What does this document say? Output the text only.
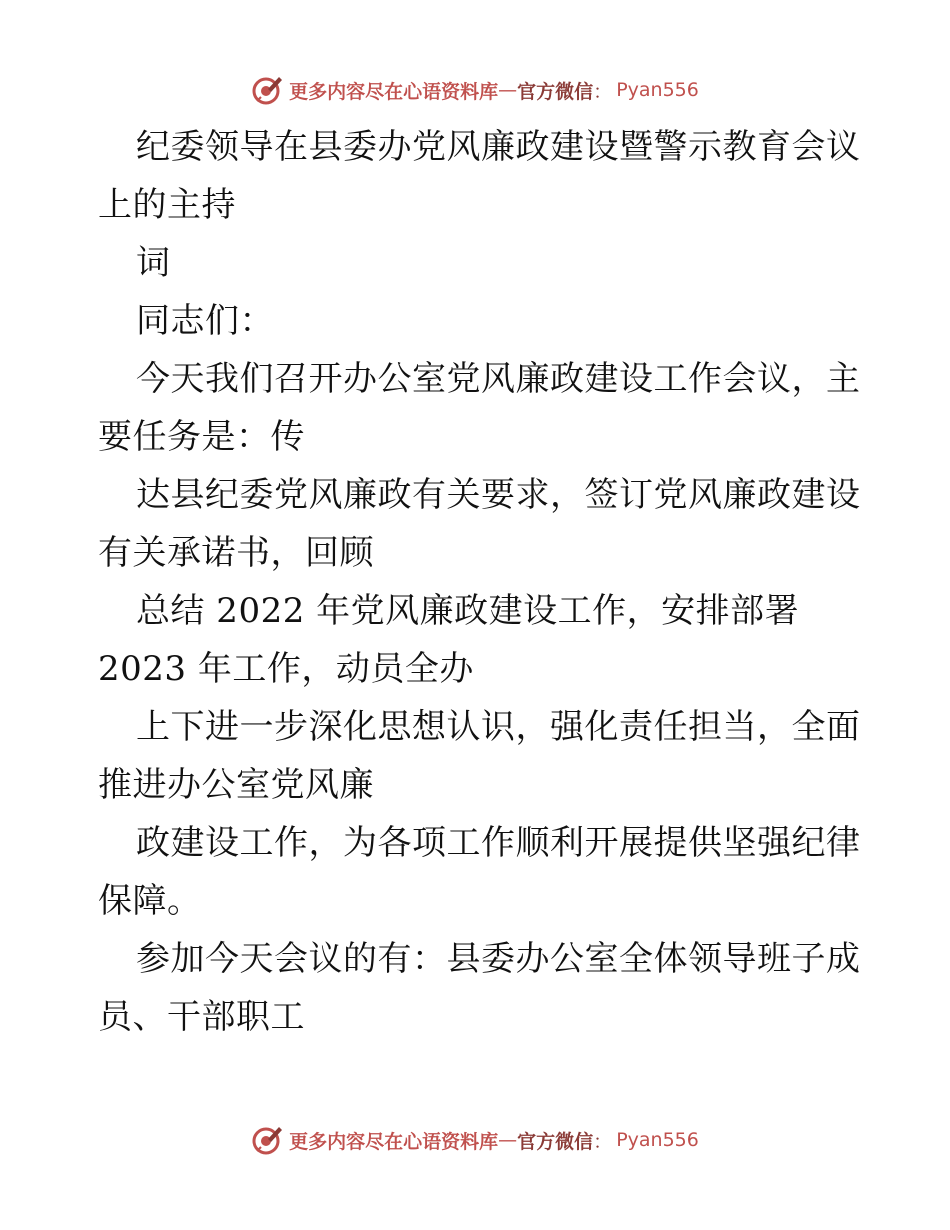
更多内容尽在心语资料库 — 官方微信 ： Pyan556
纪委领导在县委办党风廉政建设暨警示教育会议
上的主持
词
同志们：
今天我们召开办公室党风廉政建设工作会议，主
要任务是：传
达县纪委党风廉政有关要求，签订党风廉政建设
有关承诺书，回顾
总结 2022 年党风廉政建设工作，安排部署
2023 年工作，动员全办
上下进一步深化思想认识，强化责任担当，全面
推进办公室党风廉
政建设工作，为各项工作顺利开展提供坚强纪律
保障。
参加今天会议的有：县委办公室全体领导班子成
员、干部职工
更多内容尽在心语资料库 — 官方微信 ： Pyan556
